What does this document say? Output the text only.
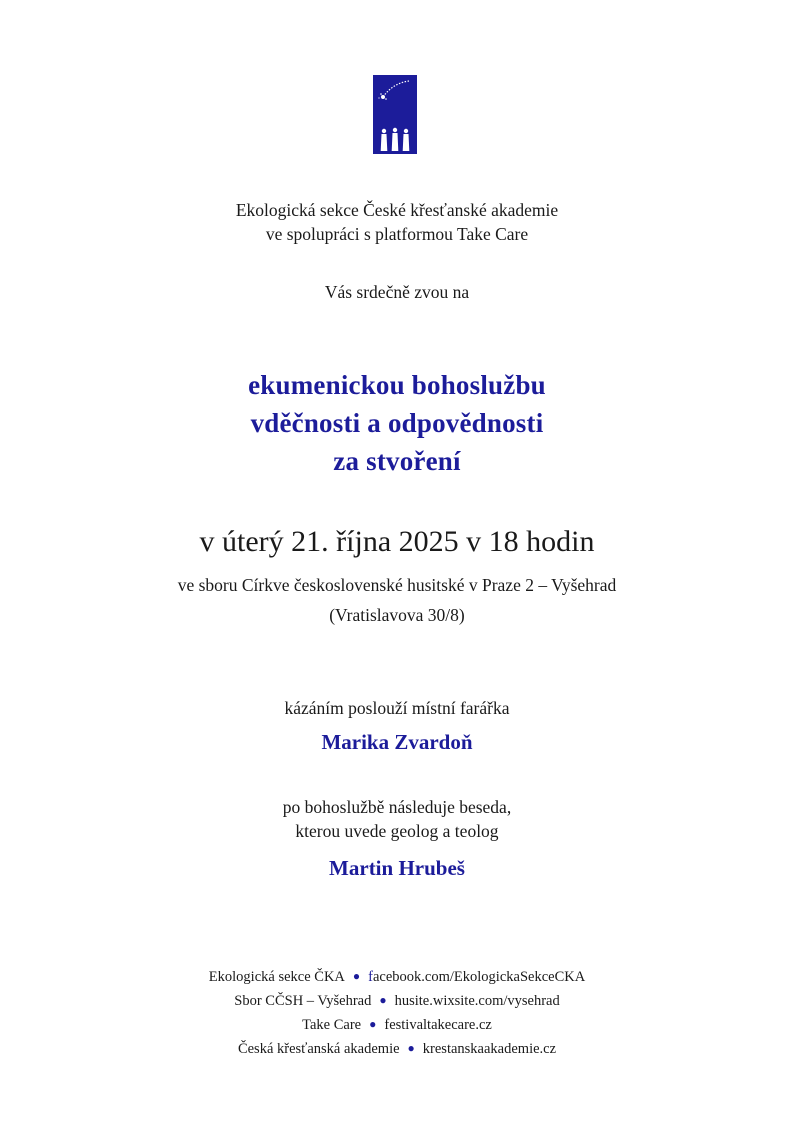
Ekologická sekce České křesťanské akademie
ve spolupráci s platformou Take Care
Vás srdečně zvou na
ekumenickou bohoslužbu
vděčnosti a odpovědnosti
za stvoření
v úterý 21. října 2025 v 18 hodin
ve sboru Církve československé husitské v Praze 2 – Vyšehrad
(Vratislavova 30/8)
kázáním poslouží místní farářka
Marika Zvardoň
po bohoslužbě následuje beseda,
kterou uvede geolog a teolog
Martin Hrubeš
Ekologická sekce ČKA ● facebook.com/EkologickaSekceCKA
Sbor CČSH – Vyšehrad ● husite.wixsite.com/vysehrad
Take Care ● festivaltakecare.cz
Česká křesťanská akademie ● krestanskaakademie.cz
